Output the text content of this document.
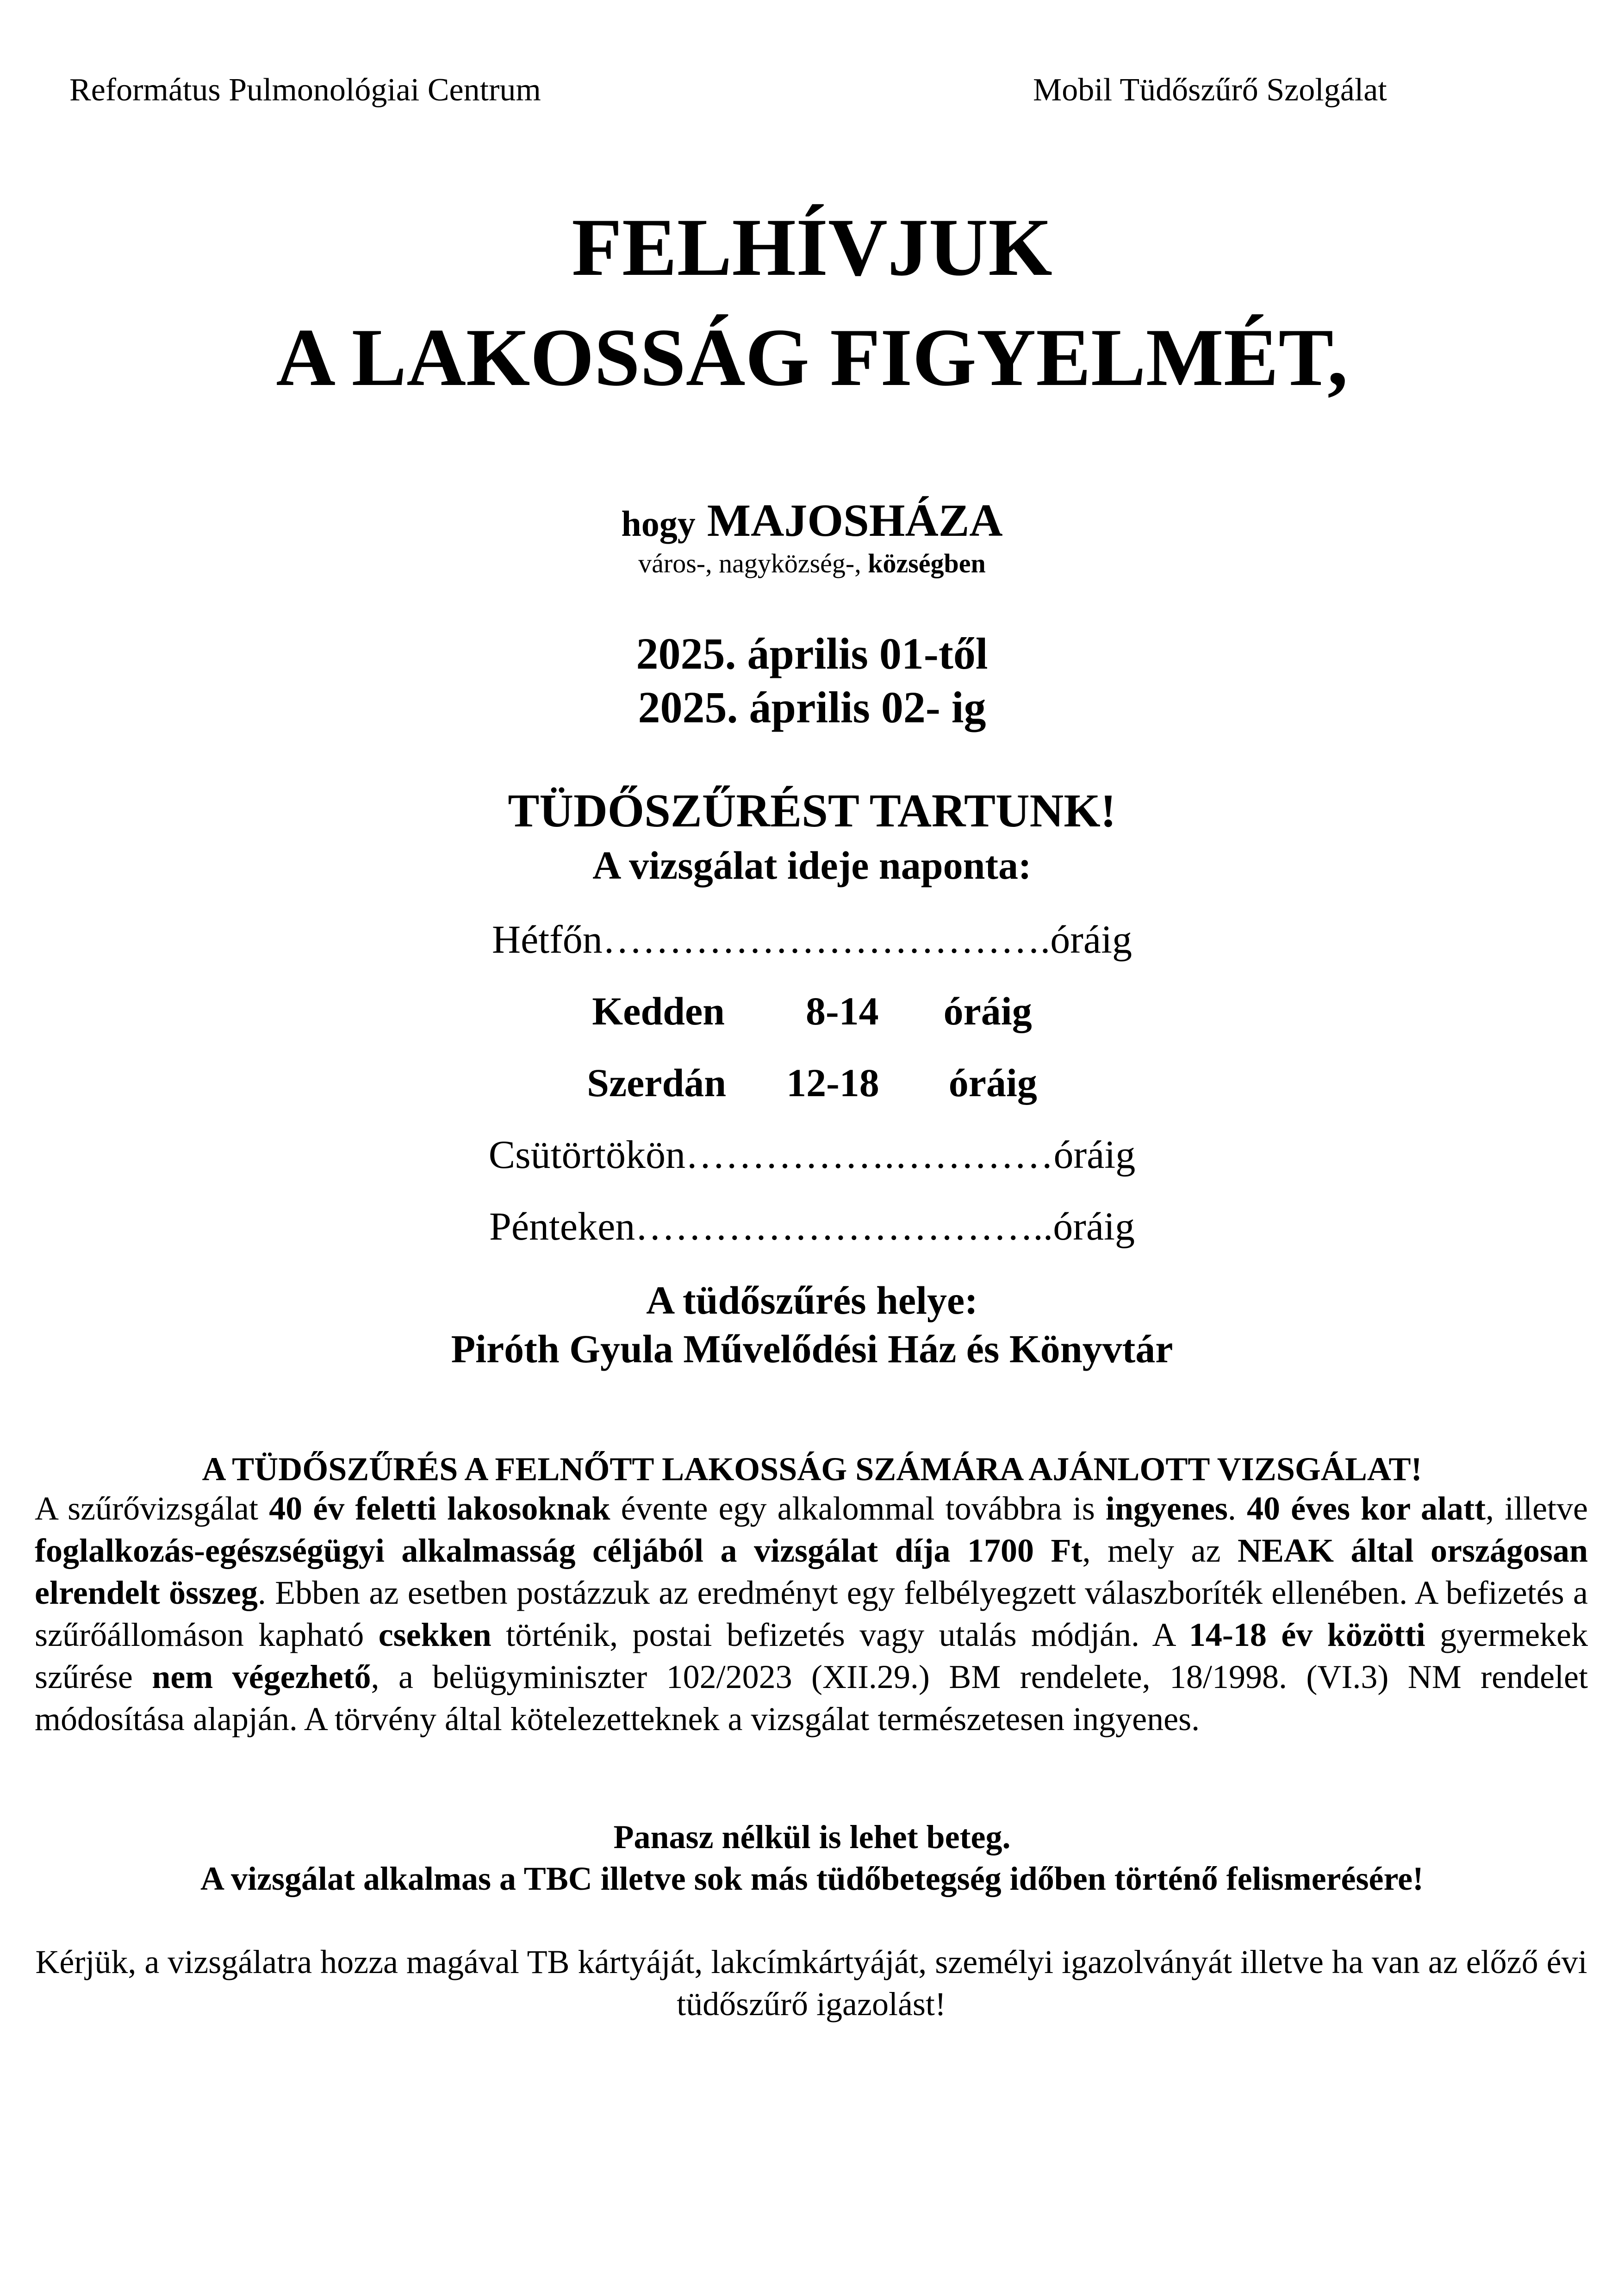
Református Pulmonológiai Centrum	Mobil Tüdőszűrő Szolgálat
FELHÍVJUK
A LAKOSSÁG FIGYELMÉT,
hogy MAJOSHÁZA
város-, nagyközség-, községben
2025. április 01-től
2025. április 02- ig
TÜDŐSZŰRÉST TARTUNK!
A vizsgálat ideje naponta:
Hétfőn…………………………….óráig
Kedden 8-14 óráig
Szerdán 12-18 óráig
Csütörtökön…………….…………óráig
Pénteken…………………………..óráig
A tüdőszűrés helye:
Piróth Gyula Művelődési Ház és Könyvtár
A TÜDŐSZŰRÉS A FELNŐTT LAKOSSÁG SZÁMÁRA AJÁNLOTT VIZSGÁLAT!
A szűrővizsgálat 40 év feletti lakosoknak évente egy alkalommal továbbra is ingyenes. 40 éves kor alatt, illetve foglalkozás-egészségügyi alkalmasság céljából a vizsgálat díja 1700 Ft, mely az NEAK által országosan elrendelt összeg. Ebben az esetben postázzuk az eredményt egy felbélyegzett válaszboríték ellenében. A befizetés a szűrőállomáson kapható csekken történik, postai befizetés vagy utalás módján. A 14-18 év közötti gyermekek szűrése nem végezhető, a belügyminiszter 102/2023 (XII.29.) BM rendelete, 18/1998. (VI.3) NM rendelet módosítása alapján. A törvény által kötelezetteknek a vizsgálat természetesen ingyenes.
Panasz nélkül is lehet beteg.
A vizsgálat alkalmas a TBC illetve sok más tüdőbetegség időben történő felismerésére!
Kérjük, a vizsgálatra hozza magával TB kártyáját, lakcímkártyáját, személyi igazolványát illetve ha van az előző évi tüdőszűrő igazolást!
